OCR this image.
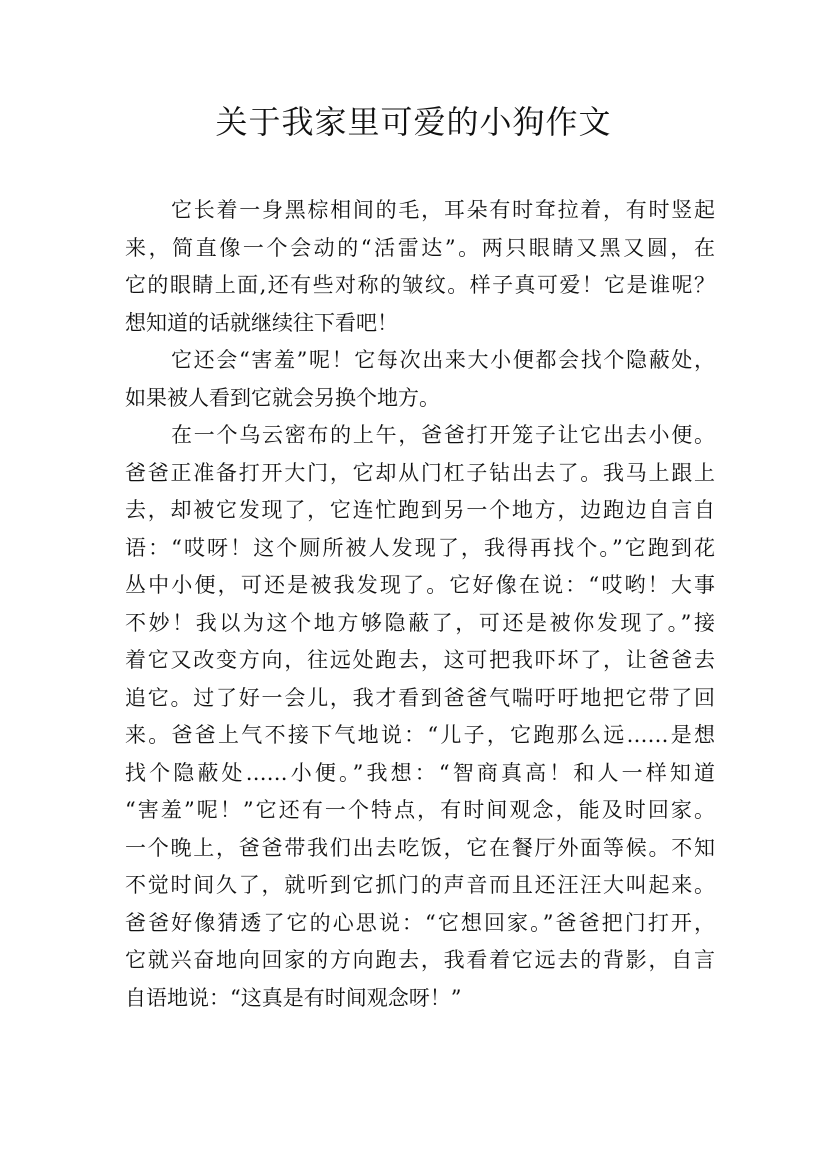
关于我家里可爱的小狗作文
它长着一身黑棕相间的毛，耳朵有时耷拉着，有时竖起
来，简直像一个会动的“活雷达”。两只眼睛又黑又圆，在
它的眼睛上面,还有些对称的皱纹。样子真可爱！它是谁呢？
想知道的话就继续往下看吧！
它还会“害羞”呢！它每次出来大小便都会找个隐蔽处，
如果被人看到它就会另换个地方。
在一个乌云密布的上午，爸爸打开笼子让它出去小便。
爸爸正准备打开大门，它却从门杠子钻出去了。我马上跟上
去，却被它发现了，它连忙跑到另一个地方，边跑边自言自
语：“哎呀！这个厕所被人发现了，我得再找个。”它跑到花
丛中小便，可还是被我发现了。它好像在说：“哎哟！大事
不妙！我以为这个地方够隐蔽了，可还是被你发现了。”接
着它又改变方向，往远处跑去，这可把我吓坏了，让爸爸去
追它。过了好一会儿，我才看到爸爸气喘吁吁地把它带了回
来。爸爸上气不接下气地说：“儿子，它跑那么远……是想
找个隐蔽处……小便。”我想：“智商真高！和人一样知道
“害羞”呢！”它还有一个特点，有时间观念，能及时回家。
一个晚上，爸爸带我们出去吃饭，它在餐厅外面等候。不知
不觉时间久了，就听到它抓门的声音而且还汪汪大叫起来。
爸爸好像猜透了它的心思说：“它想回家。”爸爸把门打开，
它就兴奋地向回家的方向跑去，我看着它远去的背影，自言
自语地说：“这真是有时间观念呀！”
